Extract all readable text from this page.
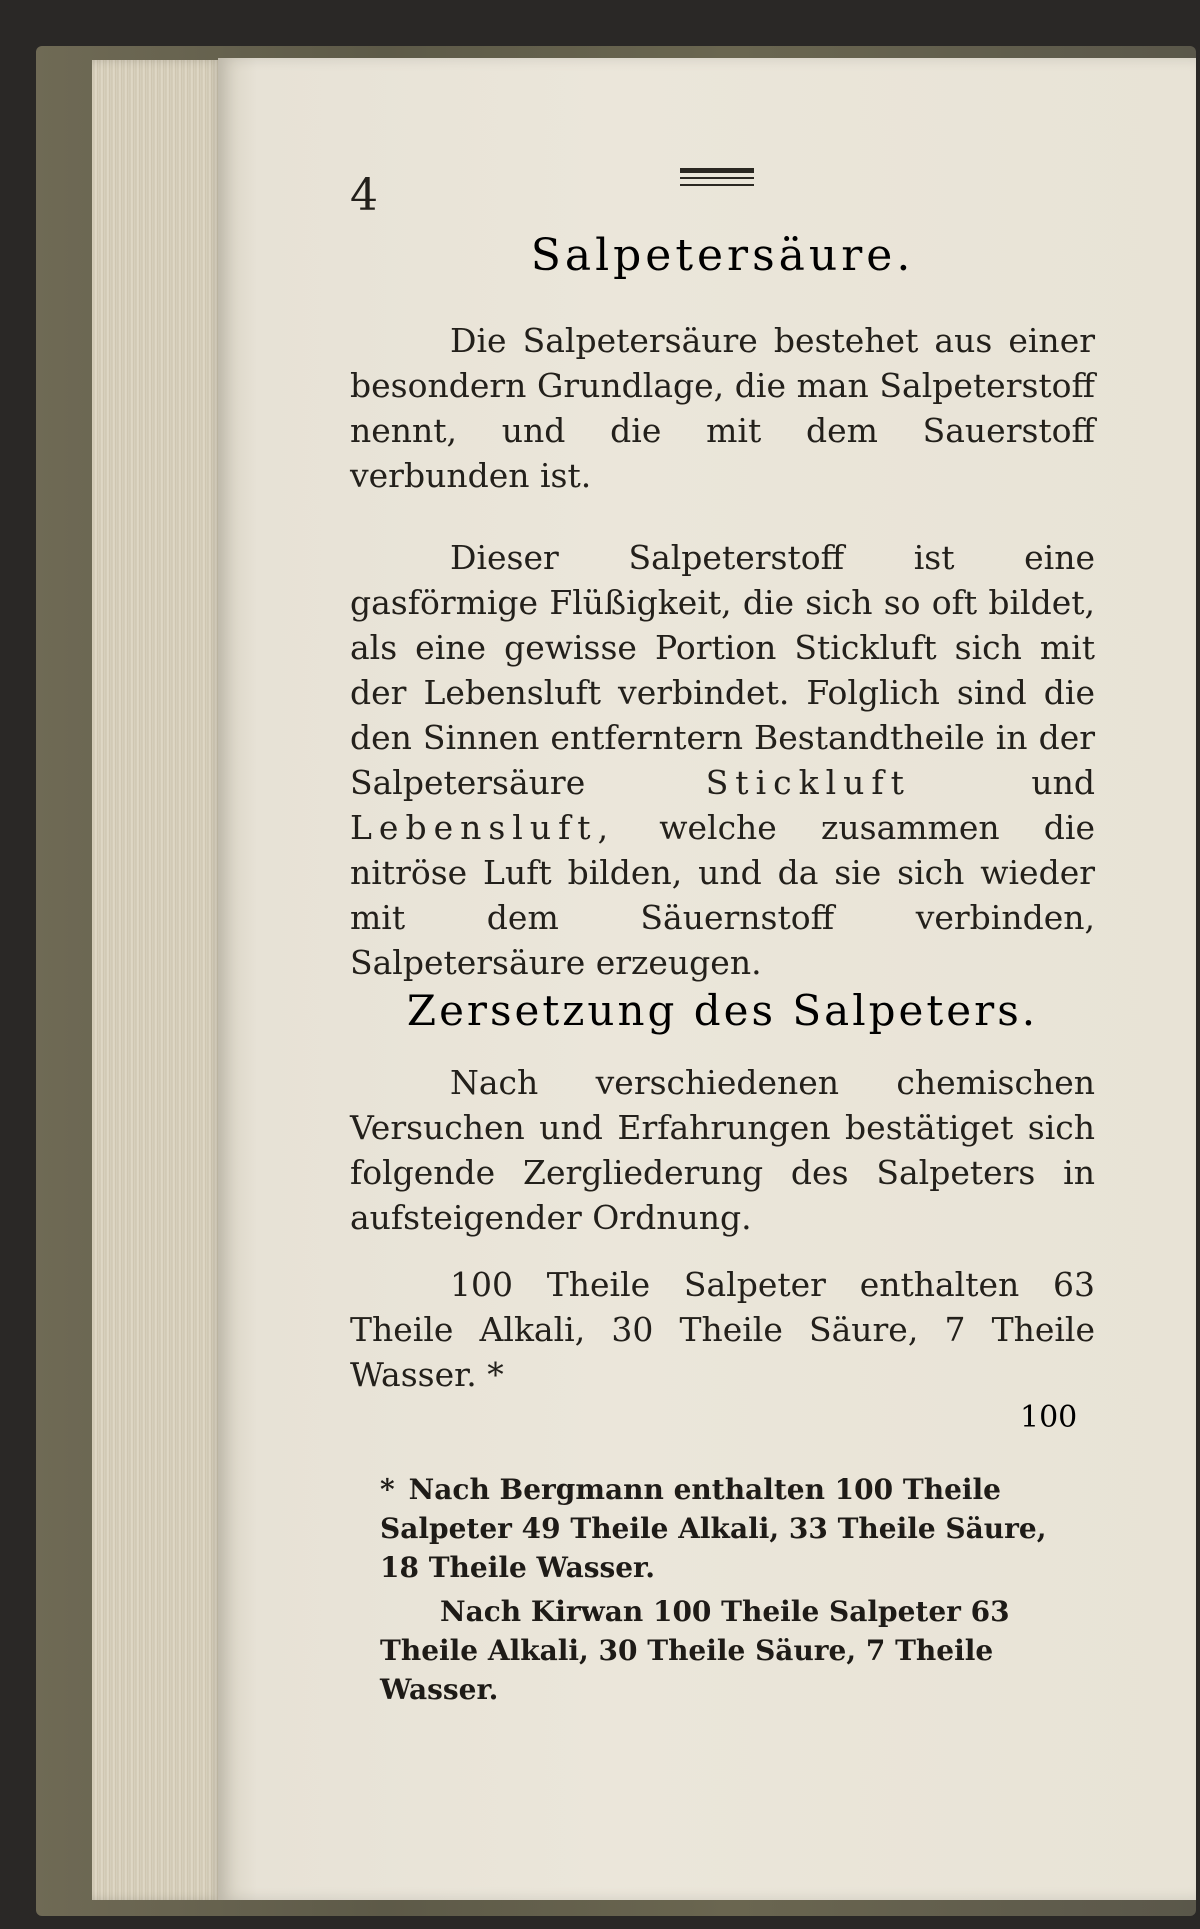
4
Salpetersäure.

Die Salpetersäure bestehet aus einer besondern Grundlage, die man Salpeterstoff nennt, und die mit dem Sauerstoff verbunden ist.

Dieser Salpeterstoff ist eine gasförmige Flüßigkeit, die sich so oft bildet, als eine gewisse Portion Stickluft sich mit der Lebensluft verbindet. Folglich sind die den Sinnen entferntern Bestandtheile in der Salpetersäure	Stickluft	und Lebensluft, welche zusammen die nitröse Luft bilden, und da sie sich wieder mit dem Säuernstoff verbinden, Salpetersäure erzeugen.

Zersetzung des Salpeters.

Nach verschiedenen chemischen Versuchen und Erfahrungen bestätiget sich folgende Zergliederung des Salpeters in aufsteigender Ordnung.

100 Theile Salpeter enthalten 63 Theile Alkali, 30 Theile Säure, 7 Theile Wasser. *

100

* Nach Bergmann enthalten 100 Theile Salpeter 49 Theile Alkali, 33 Theile Säure, 18 Theile Wasser.

Nach Kirwan 100 Theile Salpeter 63 Theile Alkali, 30 Theile Säure, 7 Theile Wasser.
